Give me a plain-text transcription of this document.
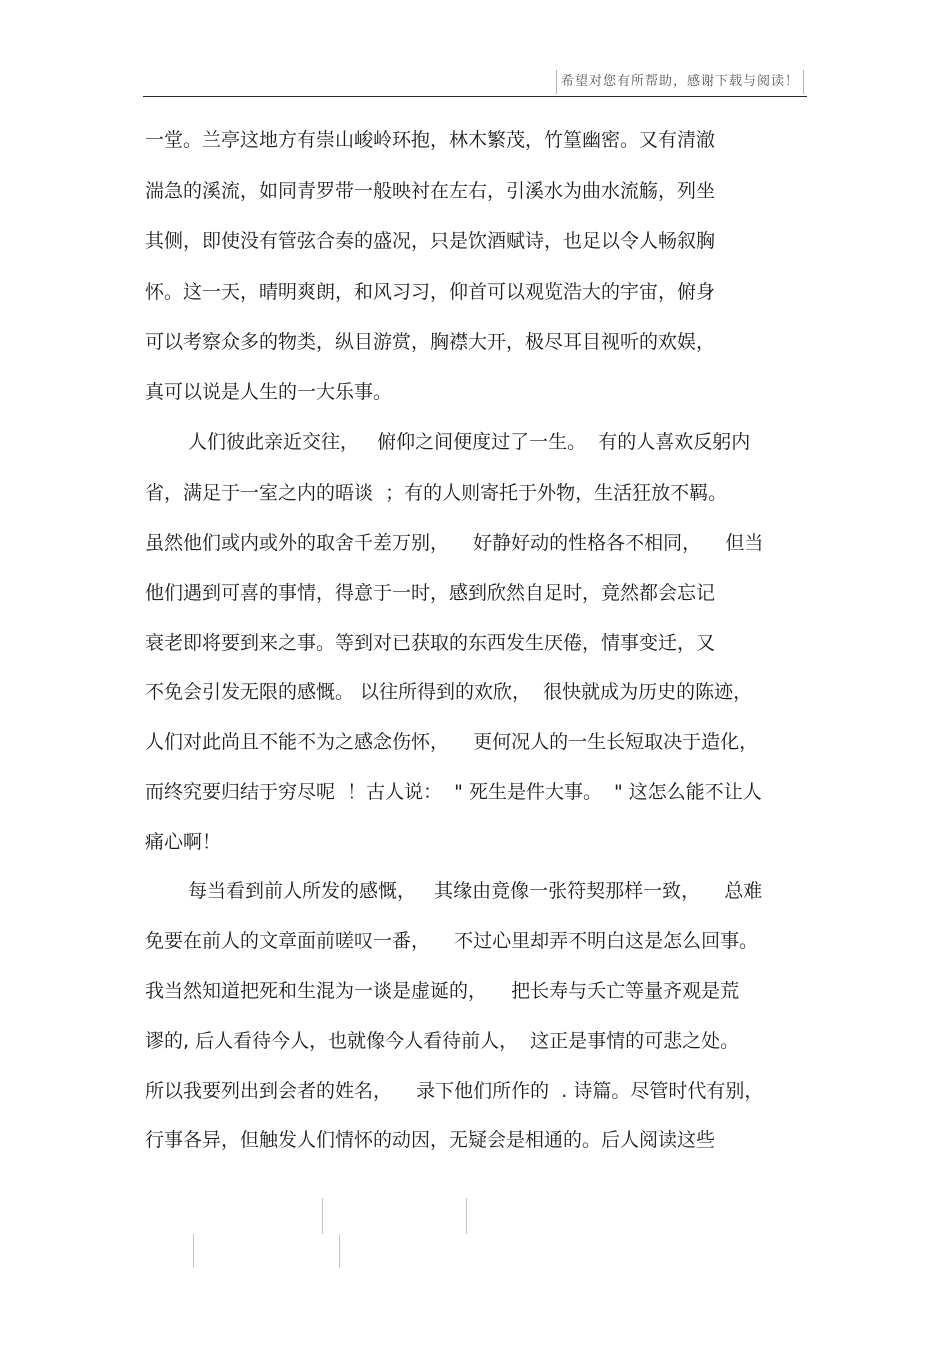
希望对您有所帮助，感谢下载与阅读！
一堂。兰亭这地方有崇山峻岭环抱，林木繁茂，竹篁幽密。又有清澈
湍急的溪流，如同青罗带一般映衬在左右，引溪水为曲水流觞，列坐
其侧，即使没有管弦合奏的盛况，只是饮酒赋诗，也足以令人畅叙胸
怀。这一天，晴明爽朗，和风习习，仰首可以观览浩大的宇宙，俯身
可以考察众多的物类，纵目游赏，胸襟大开，极尽耳目视听的欢娱，
真可以说是人生的一大乐事。
人们彼此亲近交往，   俯仰之间便度过了一生。  有的人喜欢反躬内
省，满足于一室之内的晤谈  ；有的人则寄托于外物，生活狂放不羁。
虽然他们或内或外的取舍千差万别，    好静好动的性格各不相同，    但当
他们遇到可喜的事情，得意于一时，感到欣然自足时，竟然都会忘记
衰老即将要到来之事。等到对已获取的东西发生厌倦，情事变迁，又
不免会引发无限的感慨。 以往所得到的欢欣，  很快就成为历史的陈迹，
人们对此尚且不能不为之感念伤怀，    更何况人的一生长短取决于造化，
而终究要归结于穷尽呢  ！古人说：  " 死生是件大事。  " 这怎么能不让人
痛心啊！
每当看到前人所发的感慨，   其缘由竟像一张符契那样一致，    总难
免要在前人的文章面前嗟叹一番，    不过心里却弄不明白这是怎么回事。
我当然知道把死和生混为一谈是虚诞的，    把长寿与夭亡等量齐观是荒
谬的, 后人看待今人，也就像今人看待前人，  这正是事情的可悲之处。
所以我要列出到会者的姓名，    录下他们所作的  . 诗篇。尽管时代有别，
行事各异，但触发人们情怀的动因，无疑会是相通的。后人阅读这些
